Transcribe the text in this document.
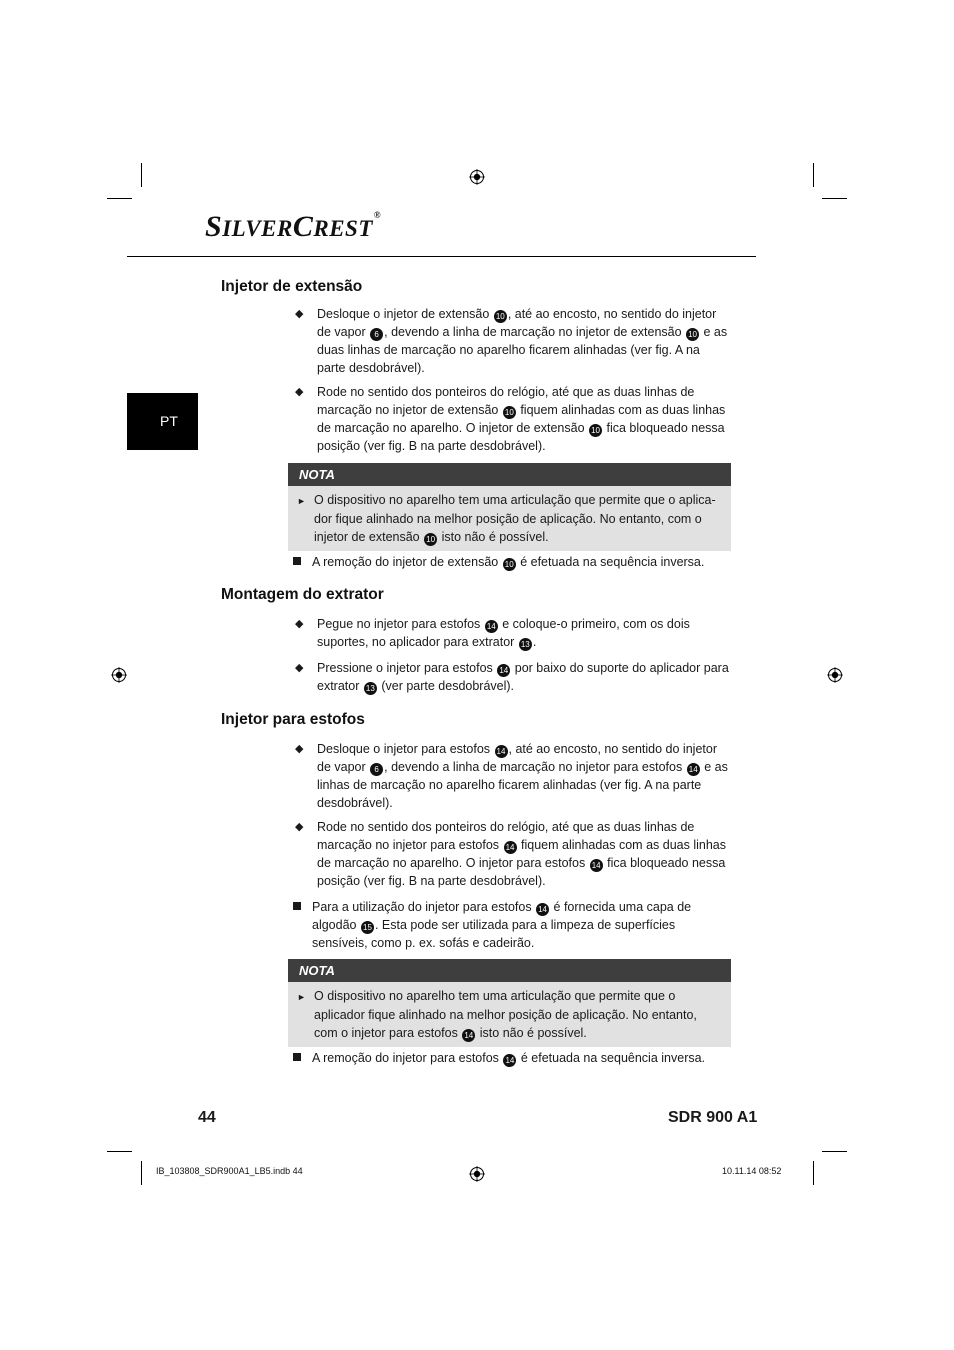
SILVERCREST®
PT
Injetor de extensão
◆ Desloque o injetor de extensão 10 , até ao encosto, no sentido do injetor de vapor 6 , devendo a linha de marcação no injetor de extensão 10 e as duas linhas de marcação no aparelho ficarem alinhadas (ver fig. A na parte desdobrável).
◆ Rode no sentido dos ponteiros do relógio, até que as duas linhas de marcação no injetor de extensão 10 fiquem alinhadas com as duas linhas de marcação no aparelho. O injetor de extensão 10 fica bloqueado nessa posição (ver fig. B na parte desdobrável).
NOTA
► O dispositivo no aparelho tem uma articulação que permite que o aplica-dor fique alinhado na melhor posição de aplicação. No entanto, com o injetor de extensão 10 isto não é possível.
A remoção do injetor de extensão 10 é efetuada na sequência inversa.
Montagem do extrator
◆ Pegue no injetor para estofos 14 e coloque-o primeiro, com os dois suportes, no aplicador para extrator 13 .
◆ Pressione o injetor para estofos 14 por baixo do suporte do aplicador para extrator 13 (ver parte desdobrável).
Injetor para estofos
◆ Desloque o injetor para estofos 14 , até ao encosto, no sentido do injetor de vapor 6 , devendo a linha de marcação no injetor para estofos 14 e as linhas de marcação no aparelho ficarem alinhadas (ver fig. A na parte desdobrável).
◆ Rode no sentido dos ponteiros do relógio, até que as duas linhas de marcação no injetor para estofos 14 fiquem alinhadas com as duas linhas de marcação no aparelho. O injetor para estofos 14 fica bloqueado nessa posição (ver fig. B na parte desdobrável).
Para a utilização do injetor para estofos 14 é fornecida uma capa de algodão 15 . Esta pode ser utilizada para a limpeza de superfícies sensíveis, como p. ex. sofás e cadeirão.
NOTA
► O dispositivo no aparelho tem uma articulação que permite que o aplicador fique alinhado na melhor posição de aplicação. No entanto, com o injetor para estofos 14 isto não é possível.
A remoção do injetor para estofos 14 é efetuada na sequência inversa.
44	SDR 900 A1
IB_103808_SDR900A1_LB5.indb 44	10.11.14 08:52
